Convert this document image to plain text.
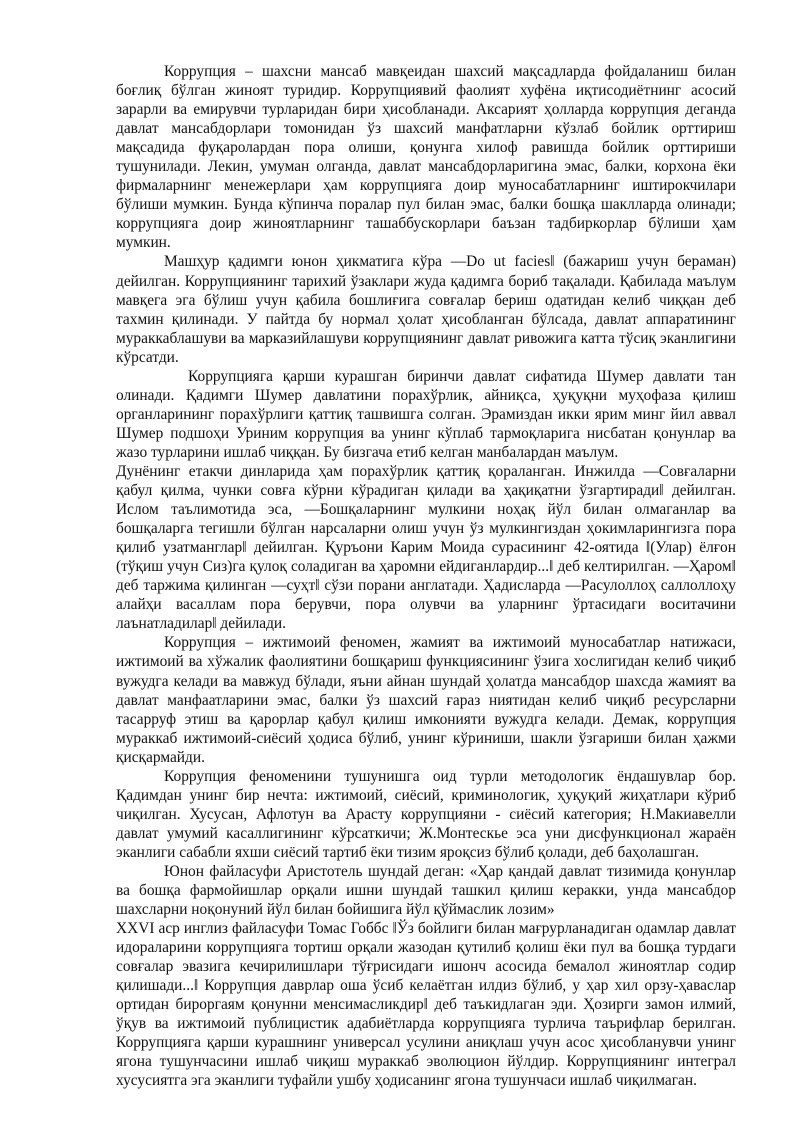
Коррупция – шахсни мансаб мавқеидан шахсий мақсадларда фойдаланиш билан боғлиқ бўлган жиноят туридир. Коррупциявий фаолият хуфёна иқтисодиётнинг асосий зарарли ва емирувчи турларидан бири ҳисобланади. Аксарият ҳолларда коррупция деганда давлат мансабдорлари томонидан ўз шахсий манфатларни кўзлаб бойлик орттириш мақсадида фуқаролардан пора олиши, қонунга хилоф равишда бойлик орттириши тушунилади. Лекин, умуман олганда, давлат мансабдорларигина эмас, балки, корхона ёки фирмаларнинг менежерлари ҳам коррупцияга доир муносабатларнинг иштирокчилари бўлиши мумкин. Бунда кўпинча поралар пул билан эмас, балки бошқа шаклларда олинади; коррупцияга доир жиноятларнинг ташаббускорлари баъзан тадбиркорлар бўлиши ҳам мумкин.

Машҳур қадимги юнон ҳикматига кўра ―Do ut facies‖ (бажариш учун бераман) дейилган. Коррупциянинг тарихий ўзаклари жуда қадимга бориб тақалади. Қабилада маълум мавқега эга бўлиш учун қабила бошлиғига совғалар бериш одатидан келиб чиққан деб тахмин қилинади. У пайтда бу нормал ҳолат ҳисобланган бўлсада, давлат аппаратининг мураккаблашуви ва марказийлашуви коррупциянинг давлат ривожига катта тўсиқ эканлигини кўрсатди.

Коррупцияга қарши курашган биринчи давлат сифатида Шумер давлати тан олинади. Қадимги Шумер давлатини порахўрлик, айниқса, ҳуқуқни муҳофаза қилиш органларининг порахўрлиги қаттиқ ташвишга солган. Эрамиздан икки ярим минг йил аввал Шумер подшоҳи Уриним коррупция ва унинг кўплаб тармоқларига нисбатан қонунлар ва жазо турларини ишлаб чиққан. Бу бизгача етиб келган манбалардан маълум.

Дунёнинг етакчи динларида ҳам порахўрлик қаттиқ қораланган. Инжилда ―Совғаларни қабул қилма, чунки совға кўрни кўрадиган қилади ва ҳақиқатни ўзгартиради‖ дейилган. Ислом таълимотида эса, ―Бошқаларнинг мулкини ноҳақ йўл билан олмаганлар ва бошқаларга тегишли бўлган нарсаларни олиш учун ўз мулкингиздан ҳокимларингизга пора қилиб узатманглар‖ дейилган. Қуръони Карим Моида сурасининг 42-оятида ‖(Улар) ёлғон (тўқиш учун Сиз)га қулоқ соладиган ва ҳаромни ейдиганлардир...‖ деб келтирилган. ―Ҳаром‖ деб таржима қилинган ―суҳт‖ сўзи порани англатади. Ҳадисларда ―Расулоллоҳ саллоллоҳу алайҳи васаллам пора берувчи, пора олувчи ва уларнинг ўртасидаги воситачини лаънатладилар‖ дейилади.

Коррупция – ижтимоий феномен, жамият ва ижтимоий муносабатлар натижаси, ижтимоий ва хўжалик фаолиятини бошқариш функциясининг ўзига хослигидан келиб чиқиб вужудга келади ва мавжуд бўлади, яъни айнан шундай ҳолатда мансабдор шахсда жамият ва давлат манфаатларини эмас, балки ўз шахсий ғараз ниятидан келиб чиқиб ресурсларни тасарруф этиш ва қарорлар қабул қилиш имконияти вужудга келади. Демак, коррупция мураккаб ижтимоий-сиёсий ҳодиса бўлиб, унинг кўриниши, шакли ўзгариши билан ҳажми қисқармайди.

Коррупция феноменини тушунишга оид турли методологик ёндашувлар бор. Қадимдан унинг бир нечта: ижтимоий, сиёсий, криминологик, ҳуқуқий жиҳатлари кўриб чиқилган. Хусусан, Афлотун ва Арасту коррупцияни - сиёсий категория; Н.Макиавелли давлат умумий касаллигининг кўрсаткичи; Ж.Монтескье эса уни дисфункционал жараён эканлиги сабабли яхши сиёсий тартиб ёки тизим яроқсиз бўлиб қолади, деб баҳолашган.

Юнон файласуфи Аристотель шундай деган: «Ҳар қандай давлат тизимида қонунлар ва бошқа фармойишлар орқали ишни шундай ташкил қилиш керакки, унда мансабдор шахсларни ноқонуний йўл билан бойишига йўл қўймаслик лозим»

XXVI аср инглиз файласуфи Томас Гоббс ‖Ўз бойлиги билан мағрурланадиган одамлар давлат идораларини коррупцияга тортиш орқали жазодан қутилиб қолиш ёки пул ва бошқа турдаги совғалар эвазига кечирилишлари тўғрисидаги ишонч асосида бемалол жиноятлар содир қилишади...‖ Коррупция даврлар оша ўсиб келаётган илдиз бўлиб, у ҳар хил орзу-ҳаваслар ортидан бироргаям қонунни менсимасликдир‖ деб таъкидлаган эди. Ҳозирги замон илмий, ўқув ва ижтимоий публицистик адабиётларда коррупцияга турлича таърифлар берилган. Коррупцияга қарши курашнинг универсал усулини аниқлаш учун асос ҳисобланувчи унинг ягона тушунчасини ишлаб чиқиш мураккаб эволюцион йўлдир. Коррупциянинг интеграл хусусиятга эга эканлиги туфайли ушбу ҳодисанинг ягона тушунчаси ишлаб чиқилмаган.
